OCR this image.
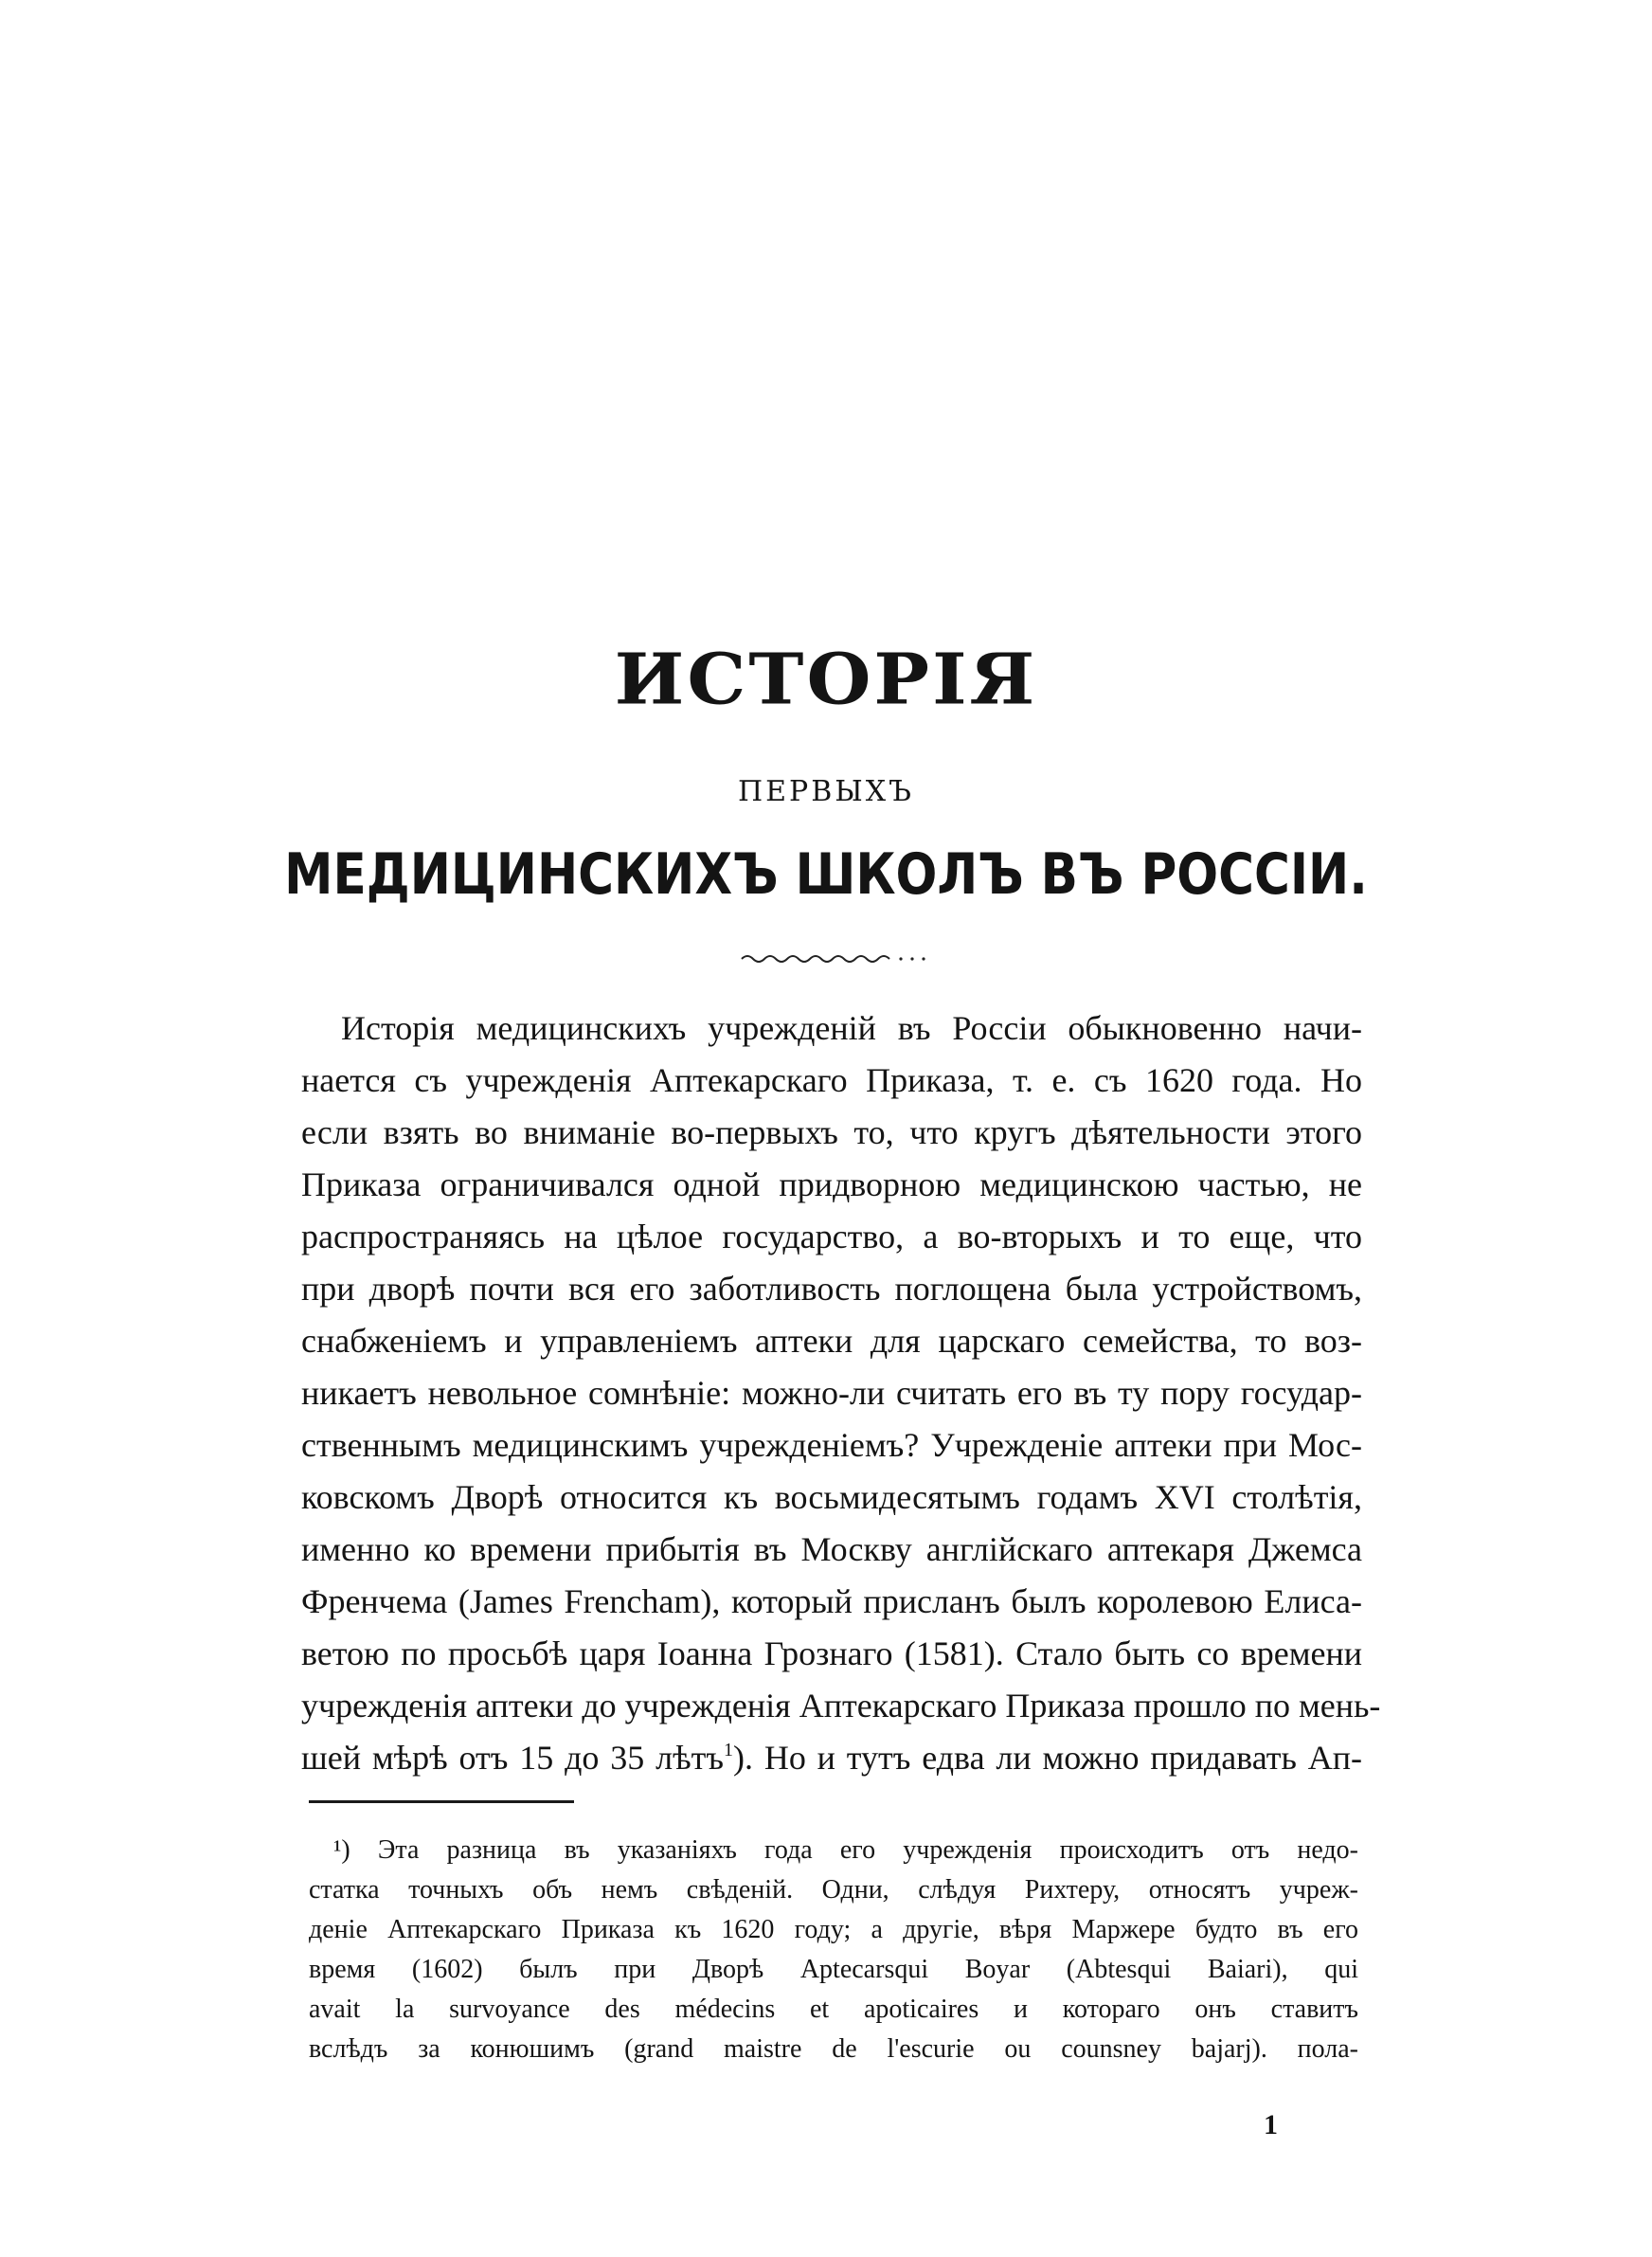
ИСТОРІЯ
ПЕРВЫХЪ
МЕДИЦИНСКИХЪ ШКОЛЪ ВЪ РОССІИ.
Исторія медицинскихъ учрежденій въ Россіи обыкновенно начи-
нается съ учрежденія Аптекарскаго Приказа, т. е. съ 1620 года. Но
если взять во вниманіе во-первыхъ то, что кругъ дѣятельности этого
Приказа ограничивался одной придворною медицинскою частью, не
распространяясь на цѣлое государство, а во-вторыхъ и то еще, что
при дворѣ почти вся его заботливость поглощена была устройствомъ,
снабженіемъ и управленіемъ аптеки для царскаго семейства, то воз-
никаетъ невольное сомнѣніе: можно-ли считать его въ ту пору государ-
ственнымъ медицинскимъ учрежденіемъ? Учрежденіе аптеки при Мос-
ковскомъ Дворѣ относится къ восьмидесятымъ годамъ XVI столѣтія,
именно ко времени прибытія въ Москву англійскаго аптекаря Джемса
Френчема (James Frencham), который присланъ былъ королевою Елиса-
ветою по просьбѣ царя Іоанна Грознаго (1581). Стало быть со времени
учрежденія аптеки до учрежденія Аптекарскаго Приказа прошло по мень-
шей мѣрѣ отъ 15 до 35 лѣтъ$^1$). Но и тутъ едва ли можно придавать Ап-
¹) Эта разница въ указаніяхъ года его учрежденія происходитъ отъ недо-
статка точныхъ объ немъ свѣденій. Одни, слѣдуя Рихтеру, относятъ учреж-
деніе Аптекарскаго Приказа къ 1620 году; а другіе, вѣря Маржере будто въ его
время (1602) былъ при Дворѣ Aptecarsqui Boyar (Abtesqui Baiari), qui
avait la survoyance des médecins et apoticaires и котораго онъ ставитъ
вслѣдъ за конюшимъ (grand maistre de l'escurie ou counsney bajarj). пола-
1
